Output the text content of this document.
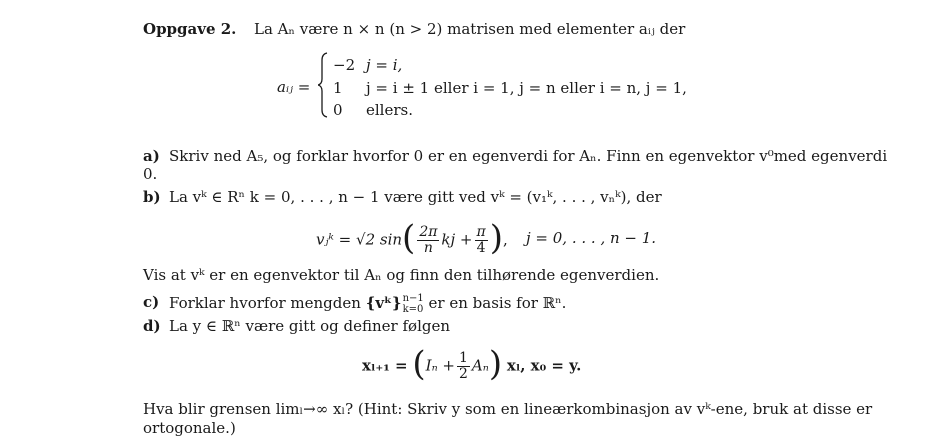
Oppgave 2. La Aₙ være n × n (n > 2) matrisen med elementer aᵢⱼ der
aᵢⱼ =
−2 j = i,
1 j = i ± 1 eller i = 1, j = n eller i = n, j = 1,
0 ellers.
a) Skriv ned A₅, og forklar hvorfor 0 er en egenverdi for Aₙ. Finn en egenvektor v⁰med egenverdi
0.
b) La vᵏ ∈ Rⁿ k = 0, . . . , n − 1 være gitt ved vᵏ = (v₁ᵏ, . . . , vₙᵏ), der
vⱼᵏ = √2 $\sin( \frac{2\pi}{n}$ kj + $\frac{\pi}{4}$ ), j = 0, . . . , n − 1.
Vis at vᵏ er en egenvektor til Aₙ og finn den tilhørende egenverdien.
c) Forklar hvorfor mengden {vᵏ} n−1
k=0 er en basis for ℝⁿ.
d) La y ∈ ℝⁿ være gitt og definer følgen
$x_{l+1} = (I_n + \frac{1}{2} A_n)$ xₗ, x₀ = y.
Hva blir grensen limₗ→∞ xₗ? (Hint: Skriv y som en lineærkombinasjon av vᵏ-ene, bruk at disse er
ortogonale.)
